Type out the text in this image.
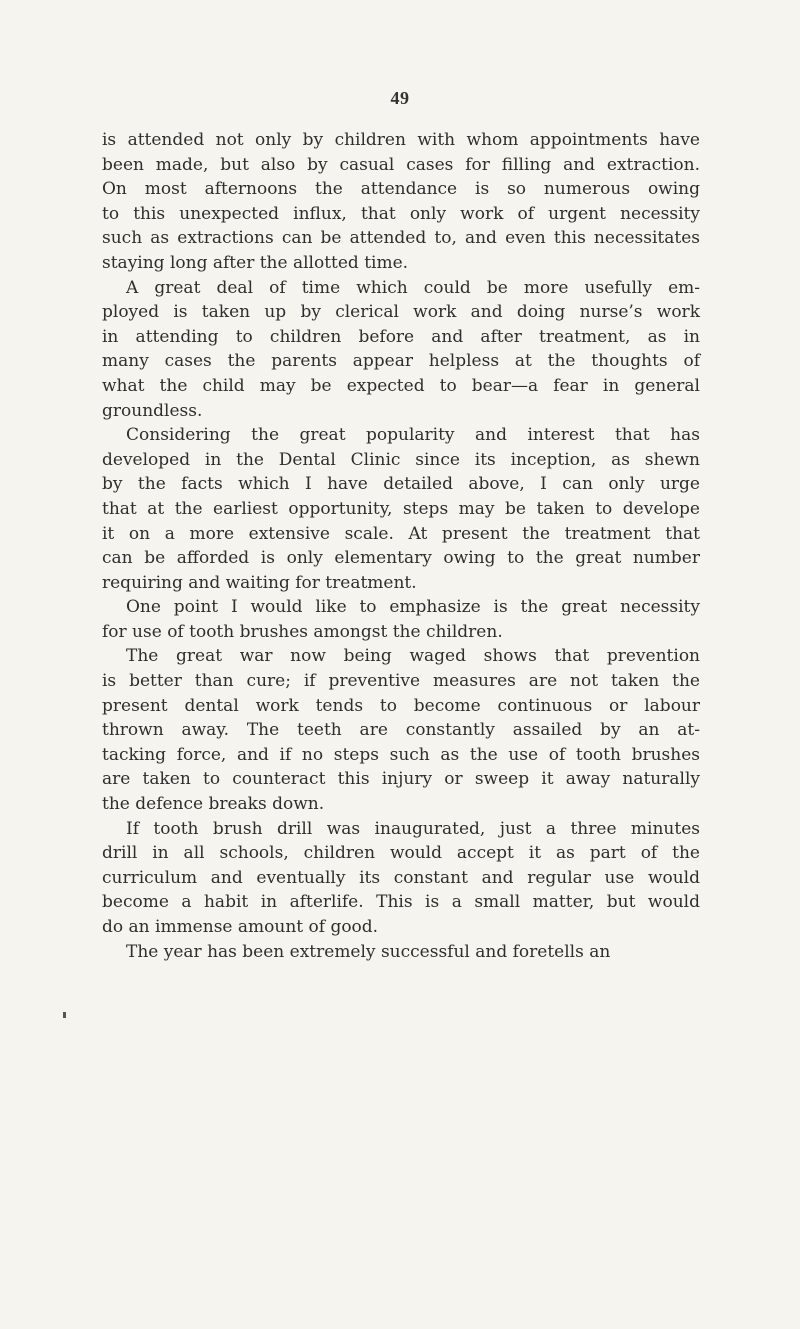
49

is attended not only by children with whom appointments have
been made, but also by casual cases for filling and extraction.
On most afternoons the attendance is so numerous owing
to this unexpected influx, that only work of urgent necessity
such as extractions can be attended to, and even this necessitates
staying long after the allotted time.

A great deal of time which could be more usefully em-
ployed is taken up by clerical work and doing nurse’s work
in attending to children before and after treatment, as in
many cases the parents appear helpless at the thoughts of
what the child may be expected to bear—a fear in general
groundless.

Considering the great popularity and interest that has
developed in the Dental Clinic since its inception, as shewn
by the facts which I have detailed above, I can only urge
that at the earliest opportunity, steps may be taken to develope
it on a more extensive scale. At present the treatment that
can be afforded is only elementary owing to the great number
requiring and waiting for treatment.

One point I would like to emphasize is the great necessity
for use of tooth brushes amongst the children.

The great war now being waged shows that prevention
is better than cure; if preventive measures are not taken the
present dental work tends to become continuous or labour
thrown away. The teeth are constantly assailed by an at-
tacking force, and if no steps such as the use of tooth brushes
are taken to counteract this injury or sweep it away naturally
the defence breaks down.

If tooth brush drill was inaugurated, just a three minutes
drill in all schools, children would accept it as part of the
curriculum and eventually its constant and regular use would
become a habit in afterlife. This is a small matter, but would
do an immense amount of good.

The year has been extremely successful and foretells an
